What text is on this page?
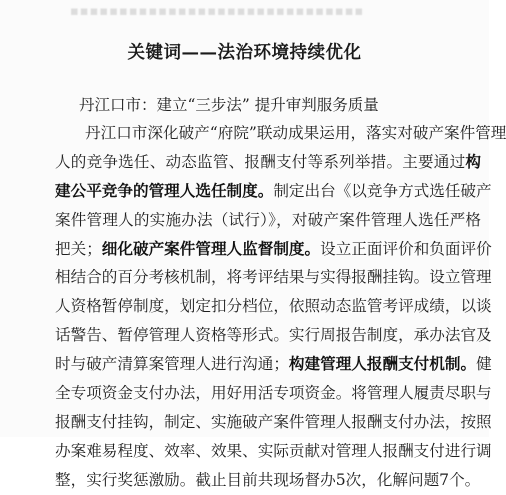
▪▪▪▪▪▪▪▪▪▪▪▪▪▪▪▪▪▪▪▪▪▪▪▪▪▪▪▪▪▪
关键词——法治环境持续优化
丹江口市：建立“三步法” 提升审判服务质量
丹江口市深化破产“府院”联动成果运用，落实对破产案件管理
人的竞争选任、动态监管、报酬支付等系列举措。主要通过构
建公平竞争的管理人选任制度。制定出台《以竞争方式选任破产
案件管理人的实施办法（试行）》，对破产案件管理人选任严格
把关；细化破产案件管理人监督制度。设立正面评价和负面评价
相结合的百分考核机制，将考评结果与实得报酬挂钩。设立管理
人资格暂停制度，划定扣分档位，依照动态监管考评成绩，以谈
话警告、暂停管理人资格等形式。实行周报告制度，承办法官及
时与破产清算案管理人进行沟通；构建管理人报酬支付机制。健
全专项资金支付办法，用好用活专项资金。将管理人履责尽职与
报酬支付挂钩，制定、实施破产案件管理人报酬支付办法，按照
办案难易程度、效率、效果、实际贡献对管理人报酬支付进行调
整，实行奖惩激励。截止目前共现场督办5次，化解问题7个。
